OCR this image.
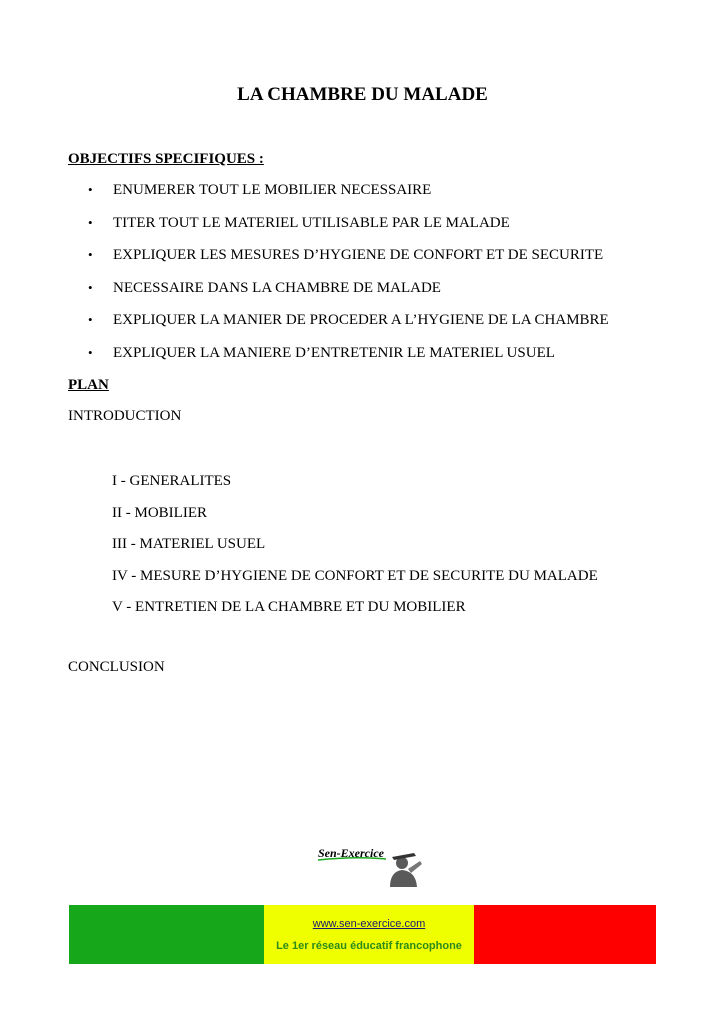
LA CHAMBRE DU MALADE

OBJECTIFS SPECIFIQUES :

• ENUMERER TOUT LE MOBILIER NECESSAIRE
• TITER TOUT LE MATERIEL UTILISABLE PAR LE MALADE
• EXPLIQUER LES MESURES D’HYGIENE DE CONFORT ET DE SECURITE
• NECESSAIRE DANS LA CHAMBRE DE MALADE
• EXPLIQUER LA MANIER DE PROCEDER A L’HYGIENE DE LA CHAMBRE
• EXPLIQUER LA MANIERE D’ENTRETENIR LE MATERIEL USUEL

PLAN

INTRODUCTION

I - GENERALITES
II - MOBILIER
III - MATERIEL USUEL
IV - MESURE D’HYGIENE DE CONFORT ET DE SECURITE DU MALADE
V - ENTRETIEN DE LA CHAMBRE ET DU MOBILIER

CONCLUSION

Sen-Exercice
www.sen-exercice.com
Le 1er réseau éducatif francophone
